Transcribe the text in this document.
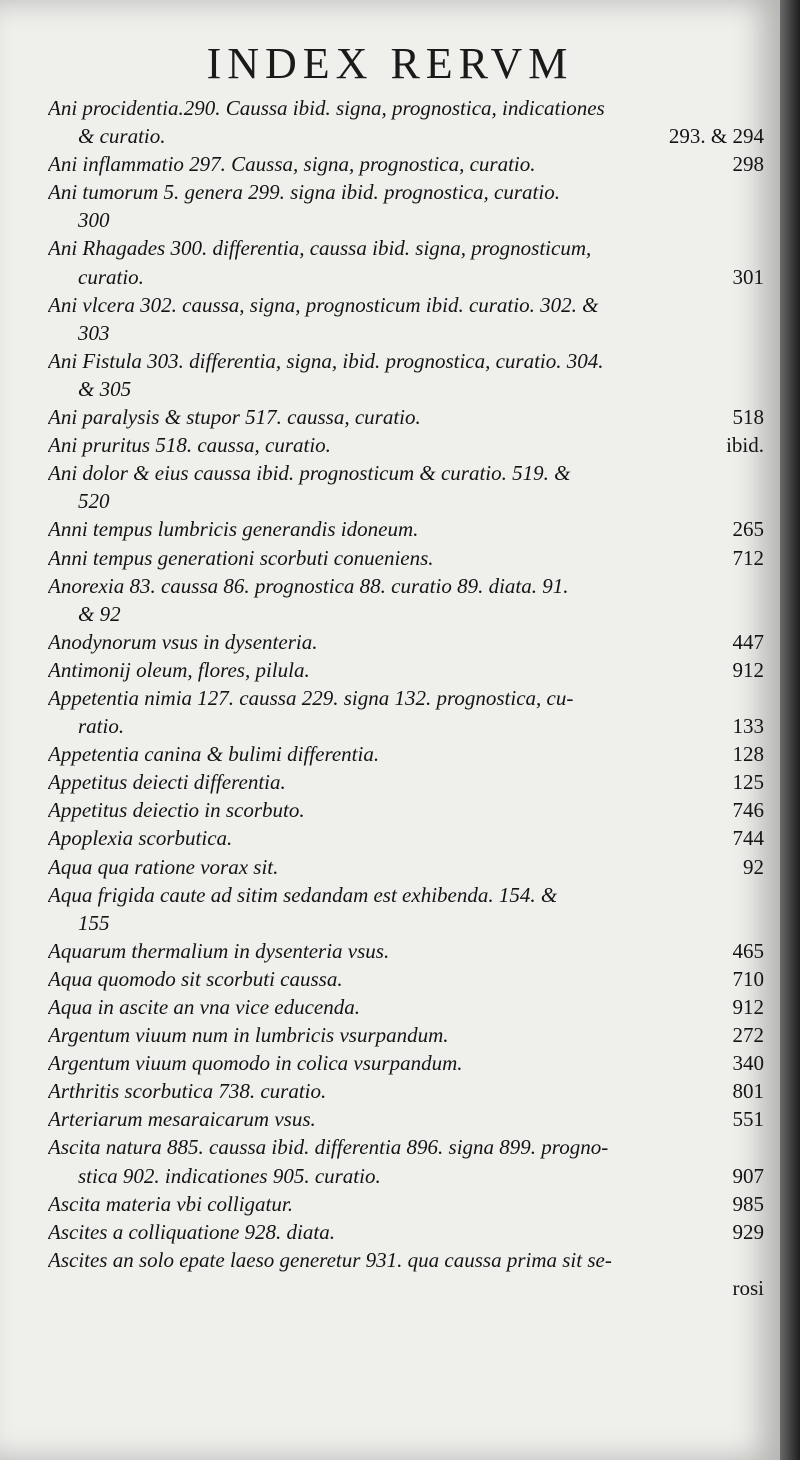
INDEX RERVM
Ani procidentia.290. Caussa ibid. signa, prognostica, indicationes
& curatio.	293. & 294
Ani inflammatio 297. Caussa, signa, prognostica, curatio.	298
Ani tumorum 5. genera 299. signa ibid. prognostica, curatio.
300
Ani Rhagades 300. differentia, caussa ibid. signa, prognosticum,
curatio.	301
Ani vlcera 302. caussa, signa, prognosticum ibid. curatio. 302. &
303
Ani Fistula 303. differentia, signa, ibid. prognostica, curatio. 304.
& 305
Ani paralysis & stupor 517. caussa, curatio.	518
Ani pruritus 518. caussa, curatio.	ibid.
Ani dolor & eius caussa ibid. prognosticum & curatio. 519. &
520
Anni tempus lumbricis generandis idoneum.	265
Anni tempus generationi scorbuti conueniens.	712
Anorexia 83. caussa 86. prognostica 88. curatio 89. diata. 91.
& 92
Anodynorum vsus in dysenteria.	447
Antimonij oleum, flores, pilula.	912
Appetentia nimia 127. caussa 229. signa 132. prognostica, cu-
ratio.	133
Appetentia canina & bulimi differentia.	128
Appetitus deiecti differentia.	125
Appetitus deiectio in scorbuto.	746
Apoplexia scorbutica.	744
Aqua qua ratione vorax sit.	92
Aqua frigida caute ad sitim sedandam est exhibenda. 154. &
155
Aquarum thermalium in dysenteria vsus.	465
Aqua quomodo sit scorbuti caussa.	710
Aqua in ascite an vna vice educenda.	912
Argentum viuum num in lumbricis vsurpandum.	272
Argentum viuum quomodo in colica vsurpandum.	340
Arthritis scorbutica 738. curatio.	801
Arteriarum mesaraicarum vsus.	551
Ascita natura 885. caussa ibid. differentia 896. signa 899. progno-
stica 902. indicationes 905. curatio.	907
Ascita materia vbi colligatur.	985
Ascites a colliquatione 928. diata.	929
Ascites an solo epate laeso generetur 931. qua caussa prima sit se-
rosi
